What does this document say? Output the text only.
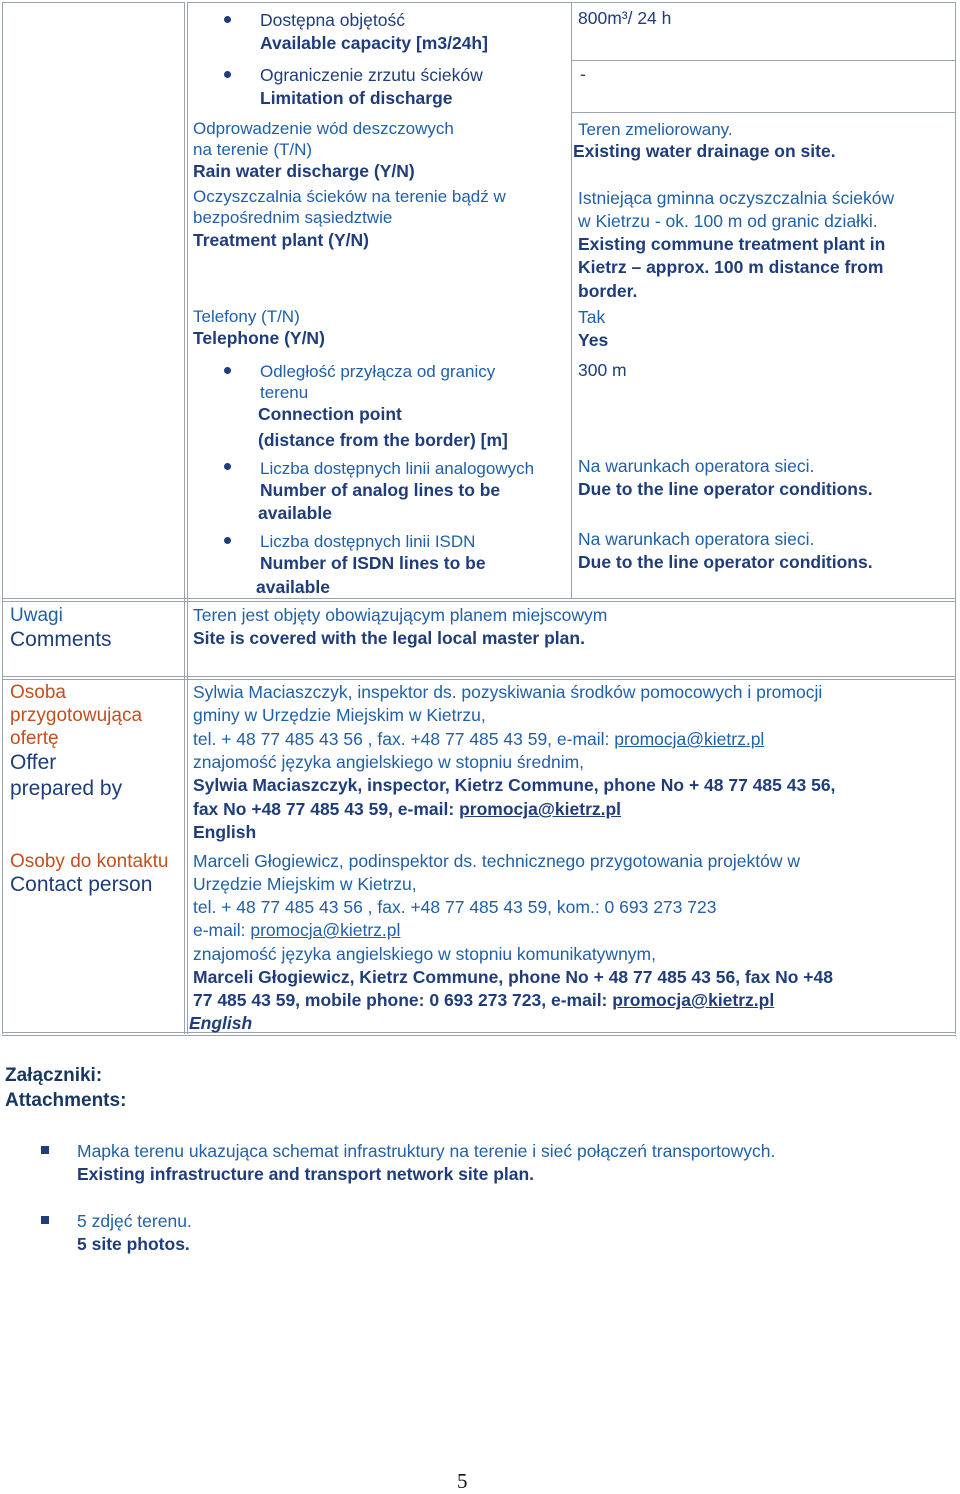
Dostępna objętość
Available capacity [m3/24h]
800m³/ 24 h
Ograniczenie zrzutu ścieków
Limitation of discharge
-
Odprowadzenie wód deszczowych
na terenie (T/N)
Rain water discharge (Y/N)
Teren zmeliorowany.
Existing water drainage on site.
Oczyszczalnia ścieków na terenie bądź w
bezpośrednim sąsiedztwie
Treatment plant (Y/N)
Istniejąca gminna oczyszczalnia ścieków
w Kietrzu - ok. 100 m od granic działki.
Existing commune treatment plant in
Kietrz – approx. 100 m distance from
border.
Telefony (T/N)
Telephone (Y/N)
Tak
Yes
Odległość przyłącza od granicy
terenu
Connection point
(distance from the border) [m]
300 m
Liczba dostępnych linii analogowych
Number of analog lines to be
available
Na warunkach operatora sieci.
Due to the line operator conditions.
Liczba dostępnych linii ISDN
Number of ISDN lines to be
available
Na warunkach operatora sieci.
Due to the line operator conditions.
Uwagi
Comments
Teren jest objęty obowiązującym planem miejscowym
Site is covered with the legal local master plan.
Osoba
przygotowująca
ofertę
Offer
prepared by
Sylwia Maciaszczyk, inspektor ds. pozyskiwania środków pomocowych i promocji
gminy w Urzędzie Miejskim w Kietrzu,
tel. + 48 77 485 43 56 , fax. +48 77 485 43 59, e-mail: promocja@kietrz.pl
znajomość języka angielskiego w stopniu średnim,
Sylwia Maciaszczyk, inspector, Kietrz Commune, phone No + 48 77 485 43 56,
fax No +48 77 485 43 59, e-mail: promocja@kietrz.pl
English
Osoby do kontaktu
Contact person
Marceli Głogiewicz, podinspektor ds. technicznego przygotowania projektów w
Urzędzie Miejskim w Kietrzu,
tel. + 48 77 485 43 56 , fax. +48 77 485 43 59, kom.: 0 693 273 723
e-mail: promocja@kietrz.pl
znajomość języka angielskiego w stopniu komunikatywnym,
Marceli Głogiewicz, Kietrz Commune, phone No + 48 77 485 43 56, fax No +48
77 485 43 59, mobile phone: 0 693 273 723, e-mail: promocja@kietrz.pl
English
Załączniki:
Attachments:
Mapka terenu ukazująca schemat infrastruktury na terenie i sieć połączeń transportowych.
Existing infrastructure and transport network site plan.
5 zdjęć terenu.
5 site photos.
5
